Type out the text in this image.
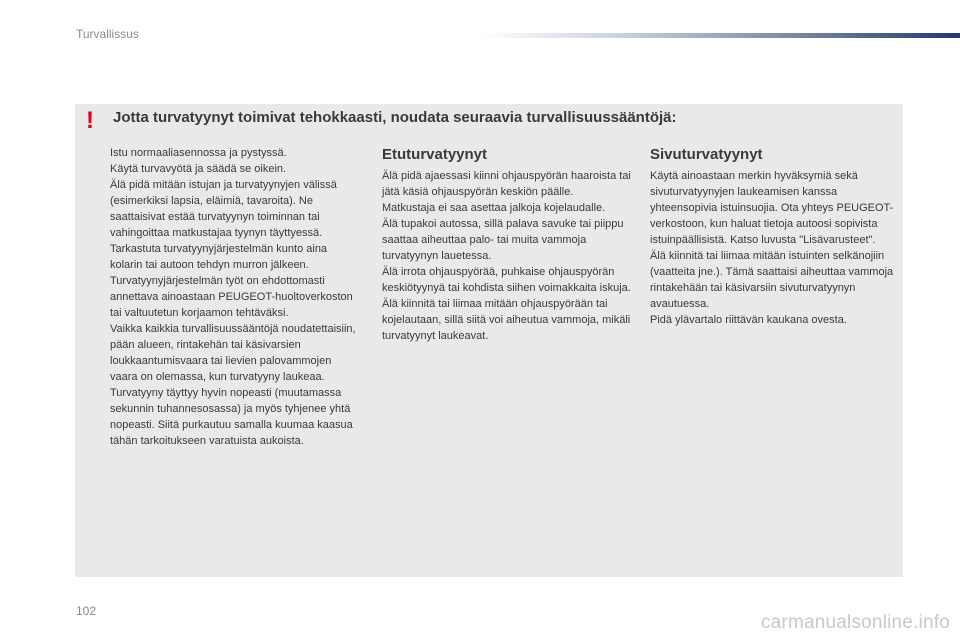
Turvallissus
! Jotta turvatyynyt toimivat tehokkaasti, noudata seuraavia turvallisuussääntöjä:
Istu normaaliasennossa ja pystyssä.
Käytä turvavyötä ja säädä se oikein.
Älä pidä mitään istujan ja turvatyynyjen välissä (esimerkiksi lapsia, eläimiä, tavaroita). Ne saattaisivat estää turvatyynyn toiminnan tai vahingoittaa matkustajaa tyynyn täyttyessä.
Tarkastuta turvatyynyjärjestelmän kunto aina kolarin tai autoon tehdyn murron jälkeen.
Turvatyynyjärjestelmän työt on ehdottomasti annettava ainoastaan PEUGEOT-huoltoverkoston tai valtuutetun korjaamon tehtäväksi.
Vaikka kaikkia turvallisuussääntöjä noudatettaisiin, pään alueen, rintakehän tai käsivarsien loukkaantumisvaara tai lievien palovammojen vaara on olemassa, kun turvatyyny laukeaa. Turvatyyny täyttyy hyvin nopeasti (muutamassa sekunnin tuhannesosassa) ja myös tyhjenee yhtä nopeasti. Siitä purkautuu samalla kuumaa kaasua tähän tarkoitukseen varatuista aukoista.
Etuturvatyynyt
Älä pidä ajaessasi kiinni ohjauspyörän haaroista tai jätä käsiä ohjauspyörän keskiön päälle.
Matkustaja ei saa asettaa jalkoja kojelaudalle.
Älä tupakoi autossa, sillä palava savuke tai piippu saattaa aiheuttaa palo- tai muita vammoja turvatyynyn lauetessa.
Älä irrota ohjauspyörää, puhkaise ohjauspyörän keskiötyynyä tai kohdista siihen voimakkaita iskuja.
Älä kiinnitä tai liimaa mitään ohjauspyörään tai kojelautaan, sillä siitä voi aiheutua vammoja, mikäli turvatyynyt laukeavat.
Sivuturvatyynyt
Käytä ainoastaan merkin hyväksymiä sekä sivuturvatyynyjen laukeamisen kanssa yhteensopivia istuinsuojia. Ota yhteys PEUGEOT-verkostoon, kun haluat tietoja autoosi sopivista istuinpäällisistä. Katso luvusta "Lisävarusteet".
Älä kiinnitä tai liimaa mitään istuinten selkänojiin (vaatteita jne.). Tämä saattaisi aiheuttaa vammoja rintakehään tai käsivarsiin sivuturvatyynyn avautuessa.
Pidä ylävartalo riittävän kaukana ovesta.
102
carmanualsonline.info
